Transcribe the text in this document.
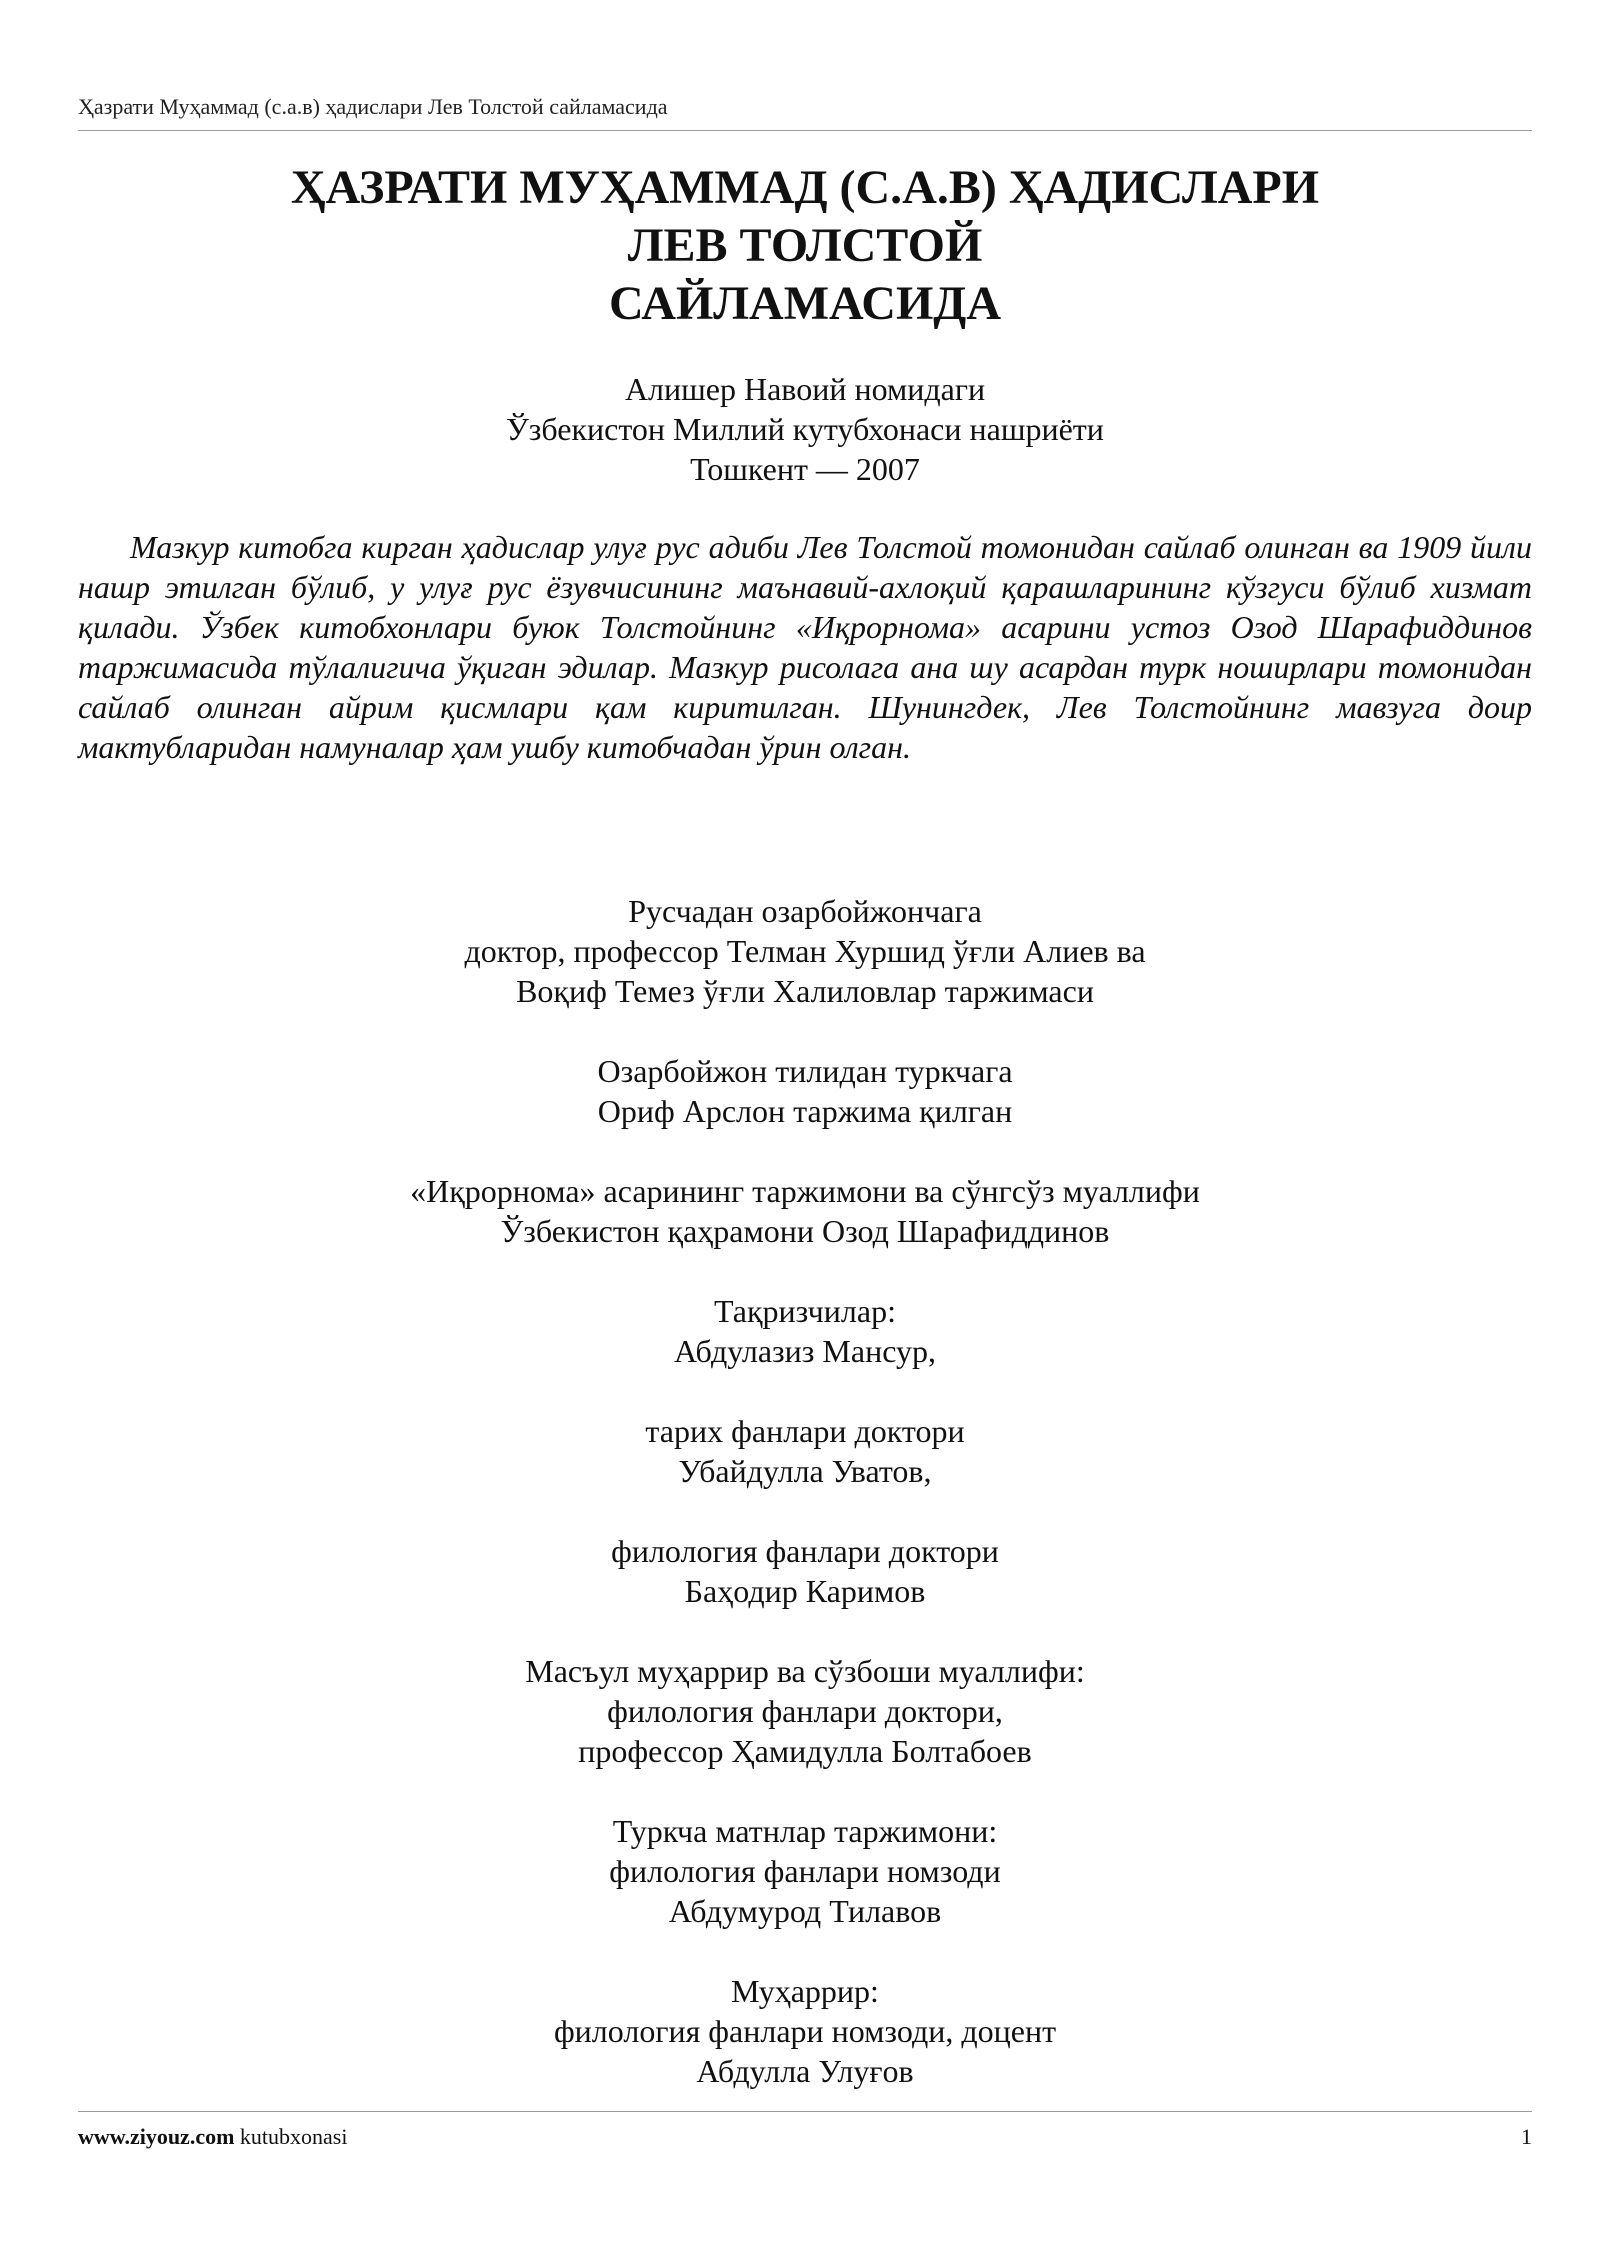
Ҳазрати Муҳаммад (с.а.в) ҳадислари Лев Толстой сайламасида
ҲАЗРАТИ МУҲАММАД (С.А.В) ҲАДИСЛАРИ
ЛЕВ ТОЛСТОЙ
САЙЛАМАСИДА
Алишер Навоий номидаги
Ўзбекистон Миллий кутубхонаси нашриёти
Тошкент — 2007

Мазкур китобга кирган ҳадислар улуғ рус адиби Лев Толстой томонидан сайлаб олинган ва 1909 йили нашр этилган бўлиб, у улуғ рус ёзувчисининг маънавий-ахлоқий қарашларининг кўзгуси бўлиб хизмат қилади. Ўзбек китобхонлари буюк Толстойнинг «Иқрорнома» асарини устоз Озод Шарафиддинов таржимасида тўлалигича ўқиган эдилар. Мазкур рисолага ана шу асардан турк ноширлари томонидан сайлаб олинган айрим қисмлари қам киритилган. Шунингдек, Лев Толстойнинг мавзуга доир мактубларидан намуналар ҳам ушбу китобчадан ўрин олган.

Русчадан озарбойжончага
доктор, профессор Телман Хуршид ўғли Алиев ва
Воқиф Темез ўғли Халиловлар таржимаси
Озарбойжон тилидан туркчага
Ориф Арслон таржима қилган
«Иқрорнома» асарининг таржимони ва сўнгсўз муаллифи
Ўзбекистон қаҳрамони Озод Шарафиддинов
Тақризчилар:
Абдулазиз Мансур,
тарих фанлари доктори
Убайдулла Уватов,
филология фанлари доктори
Баҳодир Каримов
Масъул муҳаррир ва сўзбоши муаллифи:
филология фанлари доктори,
профессор Ҳамидулла Болтабоев
Туркча матнлар таржимони:
филология фанлари номзоди
Абдумурод Тилавов
Муҳаррир:
филология фанлари номзоди, доцент
Абдулла Улуғов
www.ziyouz.com kutubxonasi	1
